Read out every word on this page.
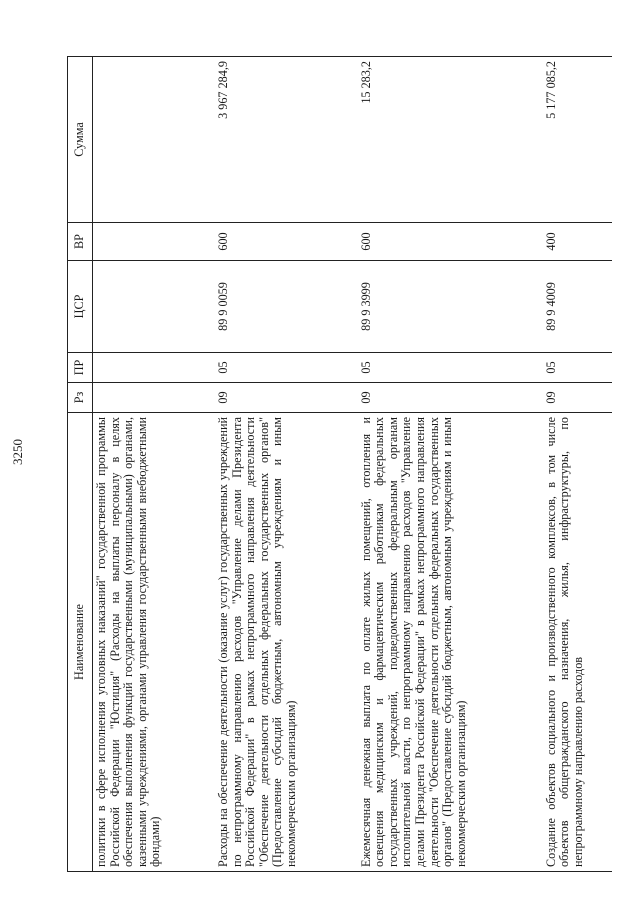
3250
Наименование	Рз	ПР	ЦСР	ВР	Сумма
политики в сфере исполнения уголовных наказаний" государственной программы Российской Федерации "Юстиция" (Расходы на выплаты персоналу в целях обеспечения выполнения функций государственными (муниципальными) органами, казенными учреждениями, органами управления государственными внебюджетными фондами)					

Расходы на обеспечение деятельности (оказание услуг) государственных учреждений по непрограммному направлению расходов "Управление делами Президента Российской Федерации" в рамках непрограммного направления деятельности "Обеспечение деятельности отдельных федеральных государственных органов" (Предоставление субсидий бюджетным, автономным учреждениям и иным некоммерческим организациям)	09	05	89 9 0059	600	3 967 284,9

Ежемесячная денежная выплата по оплате жилых помещений, отопления и освещения медицинским и фармацевтическим работникам федеральных государственных учреждений, подведомственных федеральным органам исполнительной власти, по непрограммному направлению расходов "Управление делами Президента Российской Федерации" в рамках непрограммного направления деятельности "Обеспечение деятельности отдельных федеральных государственных органов" (Предоставление субсидий бюджетным, автономным учреждениям и иным некоммерческим организациям)	09	05	89 9 3999	600	15 283,2

Создание объектов социального и производственного комплексов, в том числе объектов общегражданского назначения, жилья, инфраструктуры, по непрограммному направлению расходов	09	05	89 9 4009	400	5 177 085,2
